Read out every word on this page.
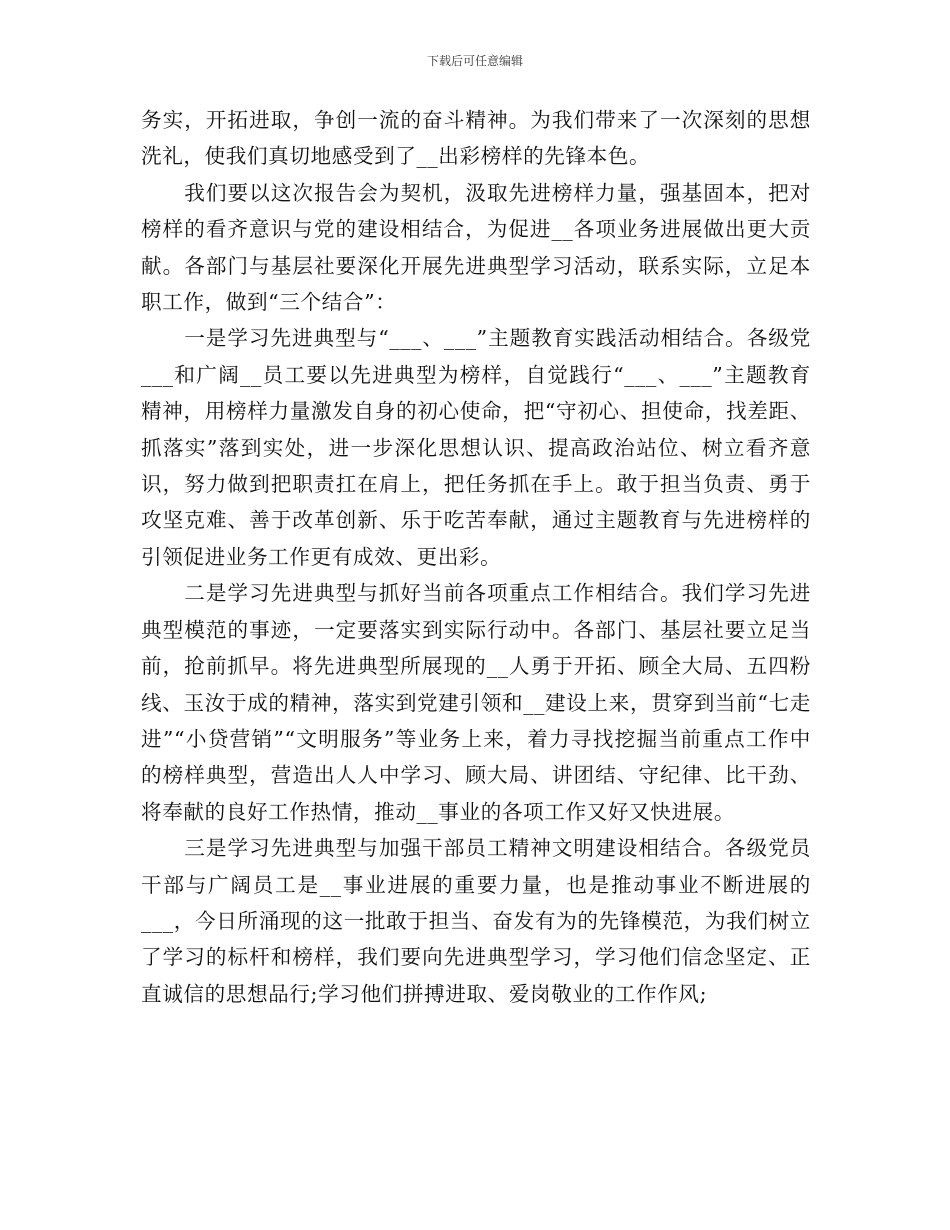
下载后可任意编辑

务实，开拓进取，争创一流的奋斗精神。为我们带来了一次深刻的思想洗礼，使我们真切地感受到了__出彩榜样的先锋本色。

我们要以这次报告会为契机，汲取先进榜样力量，强基固本，把对榜样的看齐意识与党的建设相结合，为促进__各项业务进展做出更大贡献。各部门与基层社要深化开展先进典型学习活动，联系实际，立足本职工作，做到“三个结合”：

一是学习先进典型与“___、___”主题教育实践活动相结合。各级党___和广阔__员工要以先进典型为榜样，自觉践行“___、___”主题教育精神，用榜样力量激发自身的初心使命，把“守初心、担使命，找差距、抓落实”落到实处，进一步深化思想认识、提高政治站位、树立看齐意识，努力做到把职责扛在肩上，把任务抓在手上。敢于担当负责、勇于攻坚克难、善于改革创新、乐于吃苦奉献，通过主题教育与先进榜样的引领促进业务工作更有成效、更出彩。

二是学习先进典型与抓好当前各项重点工作相结合。我们学习先进典型模范的事迹，一定要落实到实际行动中。各部门、基层社要立足当前，抢前抓早。将先进典型所展现的__人勇于开拓、顾全大局、五四粉线、玉汝于成的精神，落实到党建引领和__建设上来，贯穿到当前“七走进”“小贷营销”“文明服务”等业务上来，着力寻找挖掘当前重点工作中的榜样典型，营造出人人中学习、顾大局、讲团结、守纪律、比干劲、将奉献的良好工作热情，推动__事业的各项工作又好又快进展。

三是学习先进典型与加强干部员工精神文明建设相结合。各级党员干部与广阔员工是__事业进展的重要力量，也是推动事业不断进展的___，今日所涌现的这一批敢于担当、奋发有为的先锋模范，为我们树立了学习的标杆和榜样，我们要向先进典型学习，学习他们信念坚定、正直诚信的思想品行;学习他们拼搏进取、爱岗敬业的工作作风;
